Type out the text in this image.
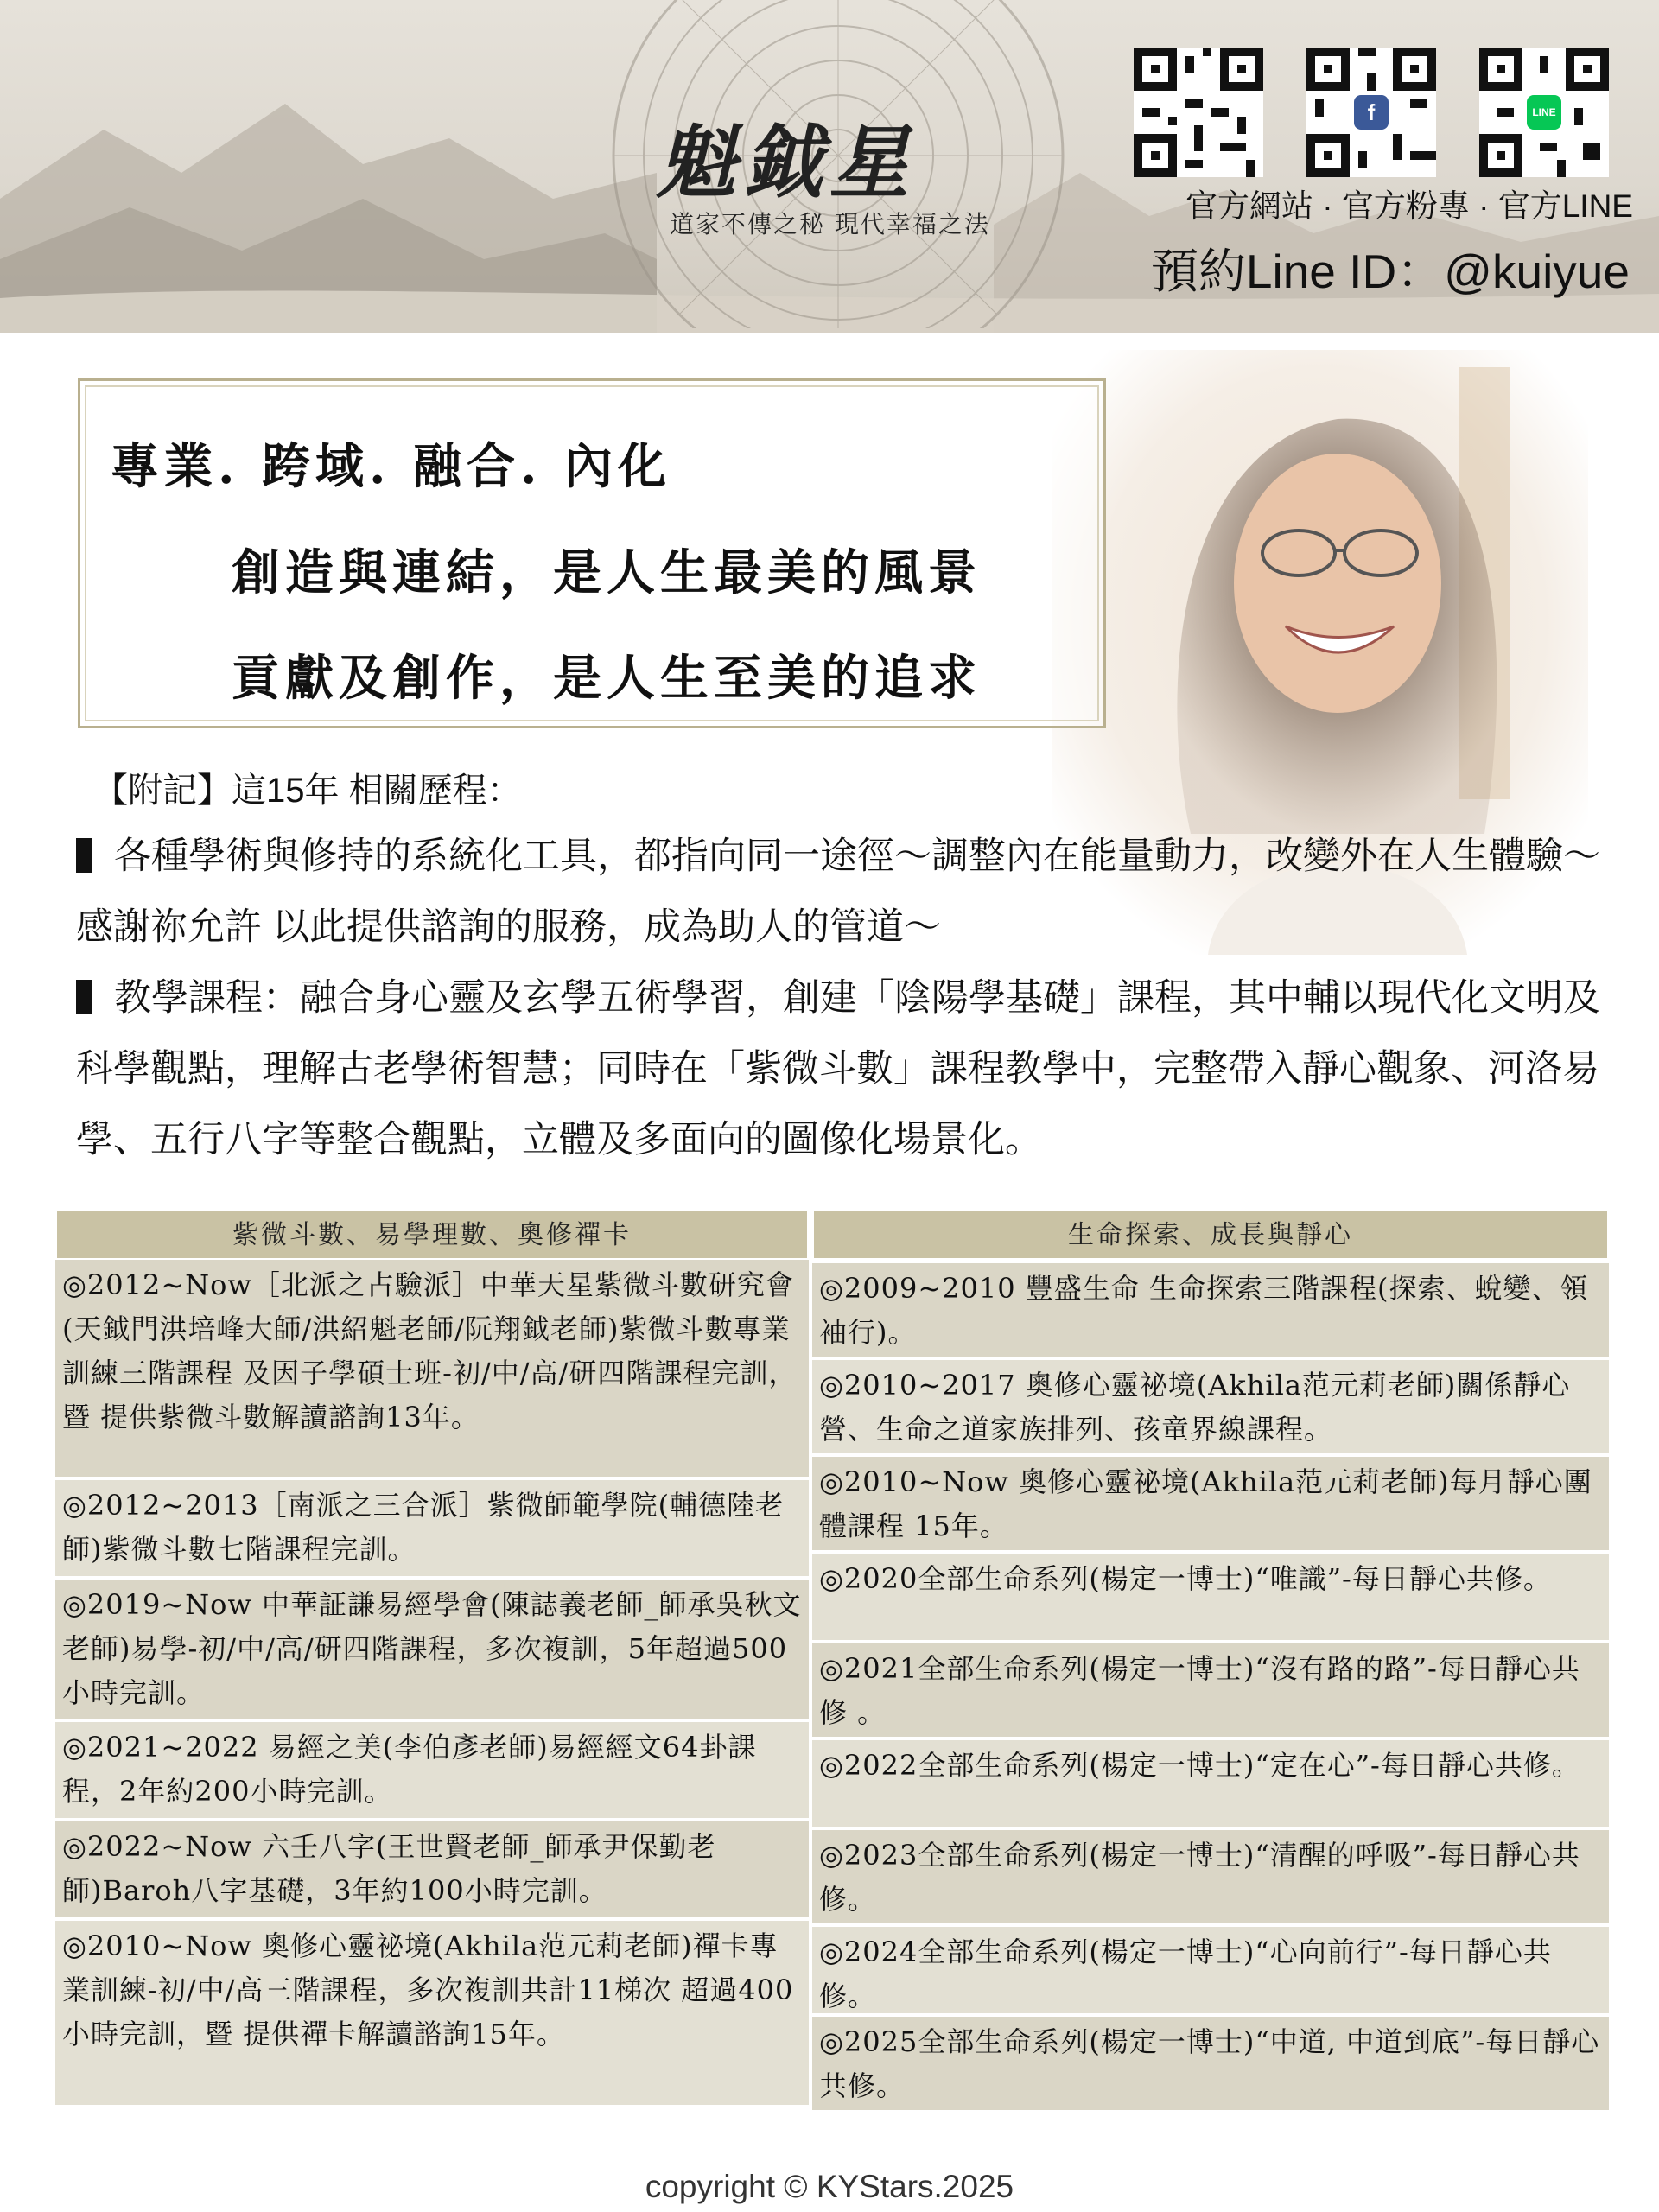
魁鉞星
道家不傳之秘 現代幸福之法
f	LINE
官方網站 · 官方粉專 · 官方LINE
預約Line ID：@kuiyue
專業. 跨域. 融合. 內化
創造與連結，是人生最美的風景
貢獻及創作，是人生至美的追求
【附記】這15年 相關歷程：

各種學術與修持的系統化工具，都指向同一途徑～調整內在能量動力，改變外在人生體驗～感謝祢允許 以此提供諮詢的服務，成為助人的管道～

教學課程：融合身心靈及玄學五術學習，創建「陰陽學基礎」課程，其中輔以現代化文明及科學觀點，理解古老學術智慧；同時在「紫微斗數」課程教學中，完整帶入靜心觀象、河洛易學、五行八字等整合觀點，立體及多面向的圖像化場景化。

紫微斗數、易學理數、奧修禪卡
◎2012~Now［北派之占驗派］中華天星紫微斗數研究會(天鉞門洪培峰大師/洪紹魁老師/阮翔鉞老師)紫微斗數專業訓練三階課程 及因子學碩士班-初/中/高/研四階課程完訓，暨 提供紫微斗數解讀諮詢13年。
◎2012~2013［南派之三合派］紫微師範學院(輔德陸老師)紫微斗數七階課程完訓。
◎2019~Now 中華証謙易經學會(陳誌義老師_師承吳秋文老師)易學-初/中/高/研四階課程，多次複訓，5年超過500小時完訓。
◎2021~2022 易經之美(李伯彥老師)易經經文64卦課程，2年約200小時完訓。
◎2022~Now 六壬八字(王世賢老師_師承尹保勤老師)Baroh八字基礎，3年約100小時完訓。
◎2010~Now 奧修心靈祕境(Akhila范元莉老師)禪卡專業訓練-初/中/高三階課程，多次複訓共計11梯次 超過400小時完訓，暨 提供禪卡解讀諮詢15年。
生命探索、成長與靜心
◎2009~2010 豐盛生命 生命探索三階課程(探索、蛻變、領袖行)。
◎2010~2017 奧修心靈祕境(Akhila范元莉老師)關係靜心營、生命之道家族排列、孩童界線課程。
◎2010~Now 奧修心靈祕境(Akhila范元莉老師)每月靜心團體課程 15年。
◎2020全部生命系列(楊定一博士)“唯識”-每日靜心共修。
◎2021全部生命系列(楊定一博士)“沒有路的路”-每日靜心共修 。
◎2022全部生命系列(楊定一博士)“定在心”-每日靜心共修。
◎2023全部生命系列(楊定一博士)“清醒的呼吸”-每日靜心共修。
◎2024全部生命系列(楊定一博士)“心向前行”-每日靜心共修。
◎2025全部生命系列(楊定一博士)“中道, 中道到底”-每日靜心共修。
copyright © KYStars.2025
